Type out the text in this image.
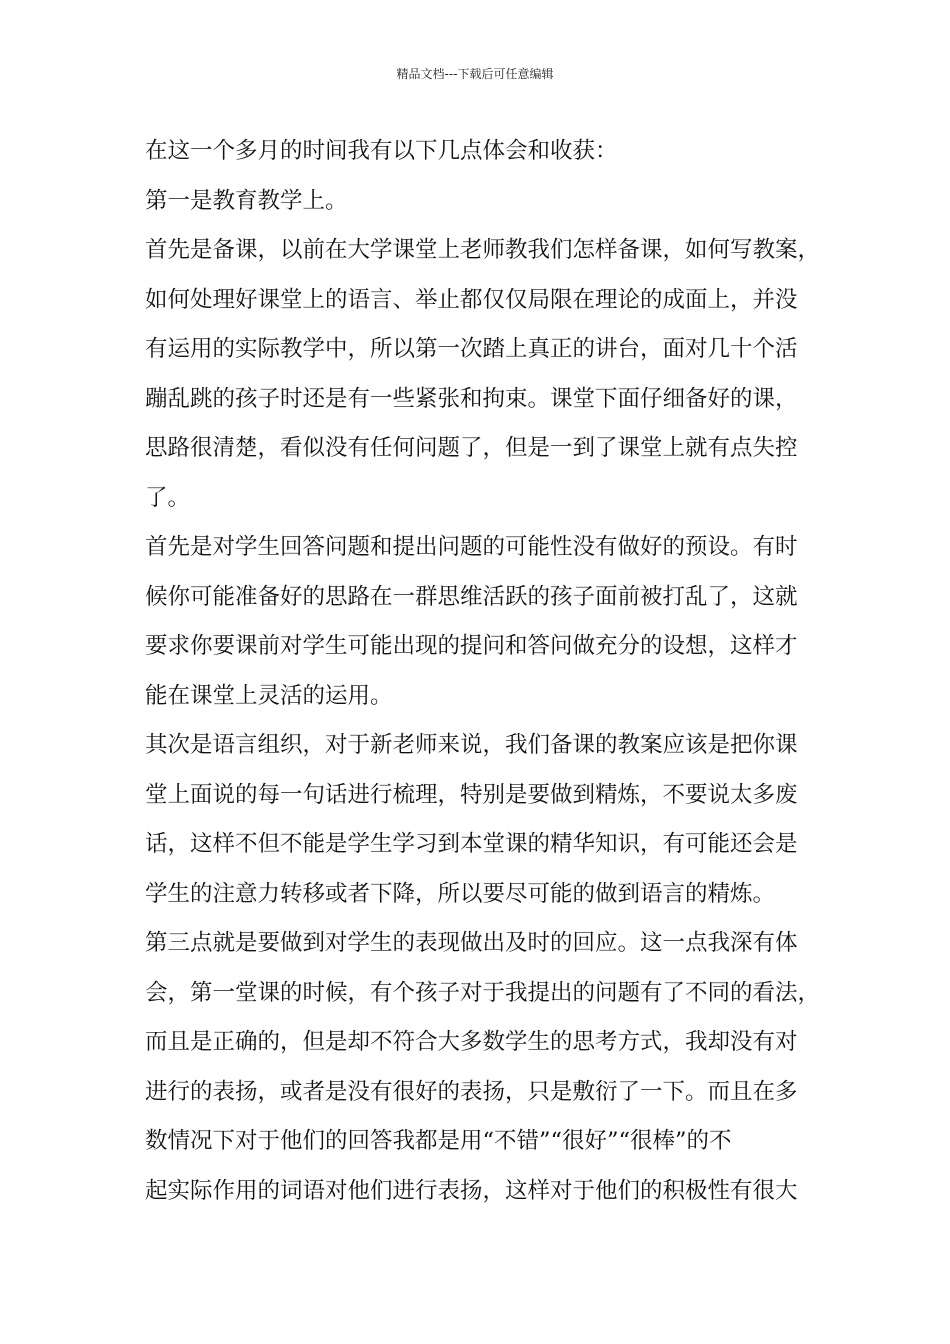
精品文档---下载后可任意编辑

在这一个多月的时间我有以下几点体会和收获：

第一是教育教学上。

首先是备课，以前在大学课堂上老师教我们怎样备课，如何写教案，
如何处理好课堂上的语言、举止都仅仅局限在理论的成面上，并没
有运用的实际教学中，所以第一次踏上真正的讲台，面对几十个活
蹦乱跳的孩子时还是有一些紧张和拘束。课堂下面仔细备好的课，
思路很清楚，看似没有任何问题了，但是一到了课堂上就有点失控
了。

首先是对学生回答问题和提出问题的可能性没有做好的预设。有时
候你可能准备好的思路在一群思维活跃的孩子面前被打乱了，这就
要求你要课前对学生可能出现的提问和答问做充分的设想，这样才
能在课堂上灵活的运用。

其次是语言组织，对于新老师来说，我们备课的教案应该是把你课
堂上面说的每一句话进行梳理，特别是要做到精炼，不要说太多废
话，这样不但不能是学生学习到本堂课的精华知识，有可能还会是
学生的注意力转移或者下降，所以要尽可能的做到语言的精炼。

第三点就是要做到对学生的表现做出及时的回应。这一点我深有体
会，第一堂课的时候，有个孩子对于我提出的问题有了不同的看法，
而且是正确的，但是却不符合大多数学生的思考方式，我却没有对
进行的表扬，或者是没有很好的表扬，只是敷衍了一下。而且在多
数情况下对于他们的回答我都是用“不错”“很好”“很棒”的不
起实际作用的词语对他们进行表扬，这样对于他们的积极性有很大
